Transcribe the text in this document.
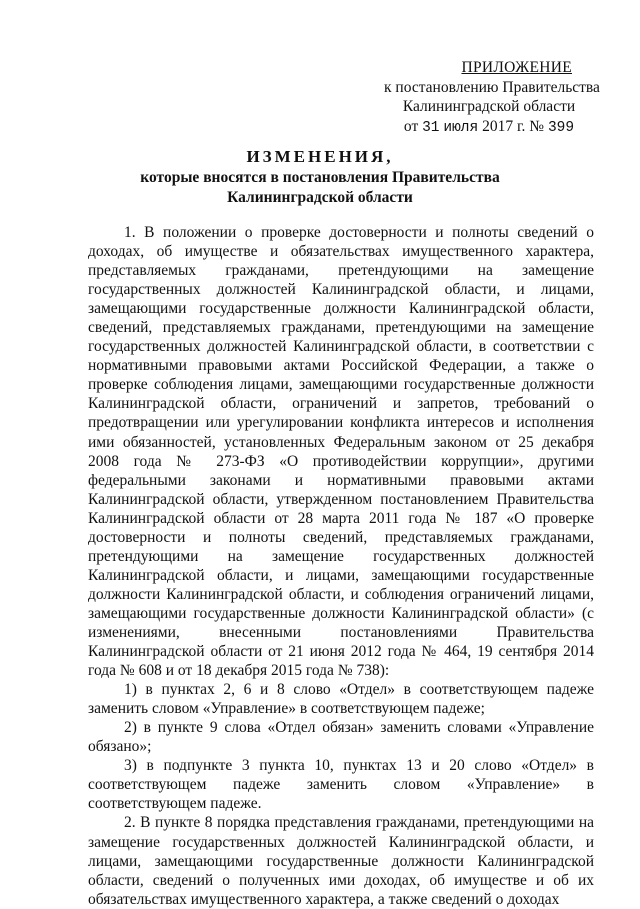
ПРИЛОЖЕНИЕ
к постановлению Правительства
Калининградской области
от 31 июля 2017 г. № 399
ИЗМЕНЕНИЯ,
которые вносятся в постановления Правительства
Калининградской области

1. В положении о проверке достоверности и полноты сведений о доходах, об имуществе и обязательствах имущественного характера, представляемых гражданами, претендующими на замещение государственных должностей Калининградской области, и лицами, замещающими государственные должности Калининградской области, сведений, представляемых гражданами, претендующими на замещение государственных должностей Калининградской области, в соответствии с нормативными правовыми актами Российской Федерации, а также о проверке соблюдения лицами, замещающими государственные должности Калининградской области, ограничений и запретов, требований о предотвращении или урегулировании конфликта интересов и исполнения ими обязанностей, установленных Федеральным законом от 25 декабря 2008 года № 273-ФЗ «О противодействии коррупции», другими федеральными законами и нормативными правовыми актами Калининградской области, утвержденном постановлением Правительства Калининградской области от 28 марта 2011 года № 187 «О проверке достоверности и полноты сведений, представляемых гражданами, претендующими на замещение государственных должностей Калининградской области, и лицами, замещающими государственные должности Калининградской области, и соблюдения ограничений лицами, замещающими государственные должности Калининградской области» (с изменениями, внесенными постановлениями Правительства Калининградской области от 21 июня 2012 года № 464, 19 сентября 2014 года № 608 и от 18 декабря 2015 года № 738):

1) в пунктах 2, 6 и 8 слово «Отдел» в соответствующем падеже заменить словом «Управление» в соответствующем падеже;

2) в пункте 9 слова «Отдел обязан» заменить словами «Управление обязано»;

3) в подпункте 3 пункта 10, пунктах 13 и 20 слово «Отдел» в соответствующем падеже заменить словом «Управление» в соответствующем падеже.

2. В пункте 8 порядка представления гражданами, претендующими на замещение государственных должностей Калининградской области, и лицами, замещающими государственные должности Калининградской области, сведений о полученных ими доходах, об имуществе и об их обязательствах имущественного характера, а также сведений о доходах
